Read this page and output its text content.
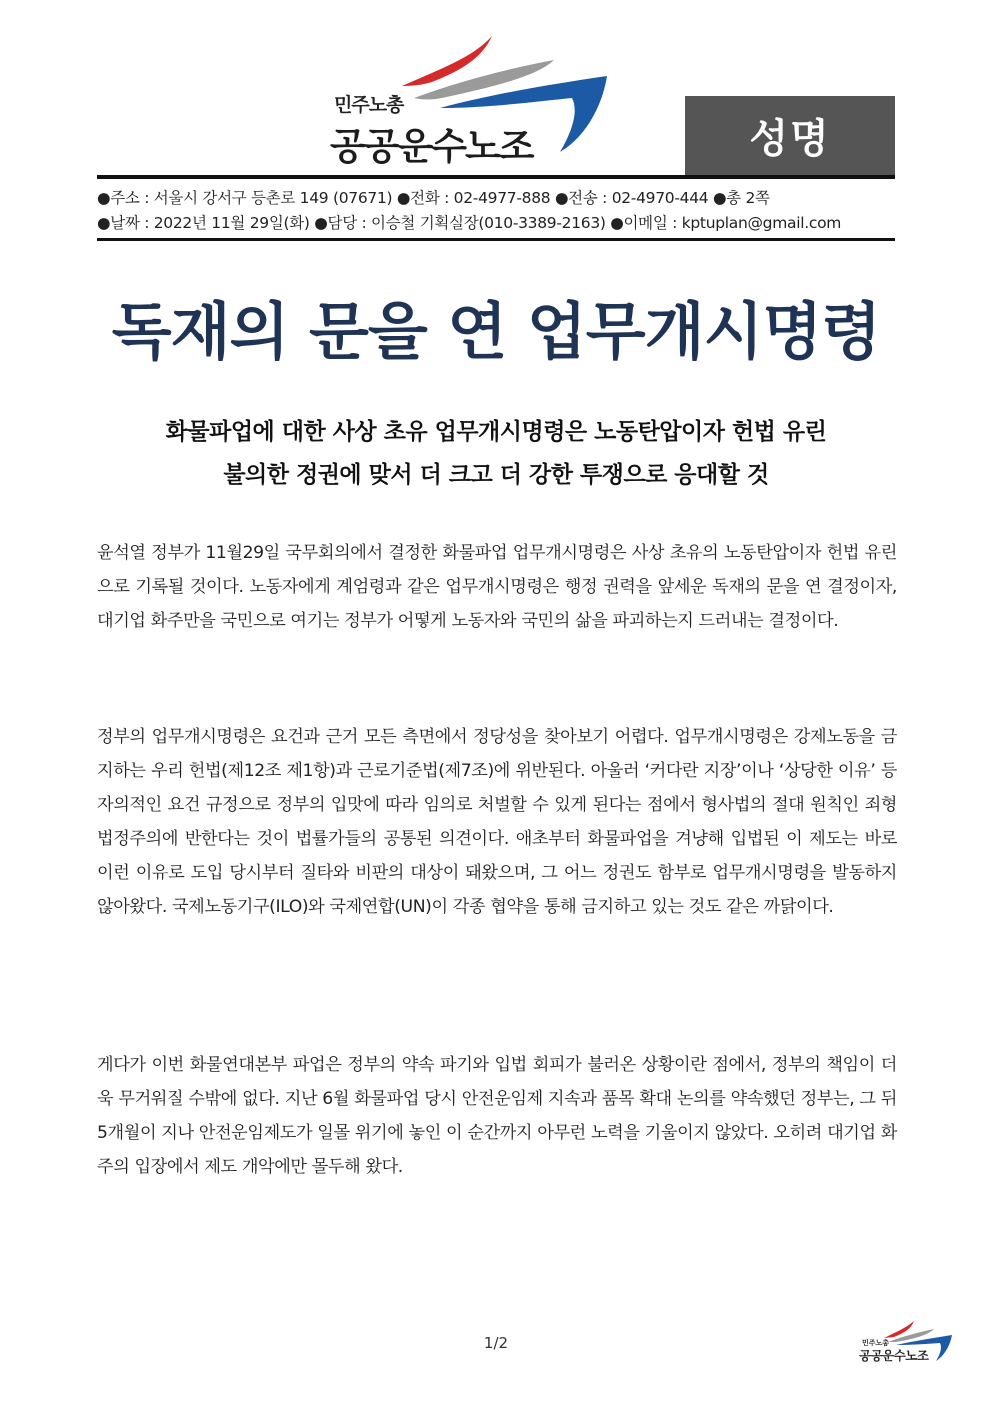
민주노총
공공운수노조	성명
●주소 : 서울시 강서구 등촌로 149 (07671) ●전화 : 02-4977-888 ●전송 : 02-4970-444 ●총 2쪽
●날짜 : 2022년 11월 29일(화) ●담당 : 이승철 기획실장(010-3389-2163) ●이메일 : kptuplan@gmail.com
독재의 문을 연 업무개시명령
화물파업에 대한 사상 초유 업무개시명령은 노동탄압이자 헌법 유린
불의한 정권에 맞서 더 크고 더 강한 투쟁으로 응대할 것
윤석열 정부가 11월29일 국무회의에서 결정한 화물파업 업무개시명령은 사상 초유의 노동탄압이자 헌법 유린으로 기록될 것이다. 노동자에게 계엄령과 같은 업무개시명령은 행정 권력을 앞세운 독재의 문을 연 결정이자, 대기업 화주만을 국민으로 여기는 정부가 어떻게 노동자와 국민의 삶을 파괴하는지 드러내는 결정이다.
정부의 업무개시명령은 요건과 근거 모든 측면에서 정당성을 찾아보기 어렵다. 업무개시명령은 강제노동을 금지하는 우리 헌법(제12조 제1항)과 근로기준법(제7조)에 위반된다. 아울러 ‘커다란 지장’이나 ‘상당한 이유’ 등 자의적인 요건 규정으로 정부의 입맛에 따라 임의로 처벌할 수 있게 된다는 점에서 형사법의 절대 원칙인 죄형법정주의에 반한다는 것이 법률가들의 공통된 의견이다. 애초부터 화물파업을 겨냥해 입법된 이 제도는 바로 이런 이유로 도입 당시부터 질타와 비판의 대상이 돼왔으며, 그 어느 정권도 함부로 업무개시명령을 발동하지 않아왔다. 국제노동기구(ILO)와 국제연합(UN)이 각종 협약을 통해 금지하고 있는 것도 같은 까닭이다.
게다가 이번 화물연대본부 파업은 정부의 약속 파기와 입법 회피가 불러온 상황이란 점에서, 정부의 책임이 더욱 무거워질 수밖에 없다. 지난 6월 화물파업 당시 안전운임제 지속과 품목 확대 논의를 약속했던 정부는, 그 뒤 5개월이 지나 안전운임제도가 일몰 위기에 놓인 이 순간까지 아무런 노력을 기울이지 않았다. 오히려 대기업 화주의 입장에서 제도 개악에만 몰두해 왔다.
1/2	민주노총
공공운수노조
